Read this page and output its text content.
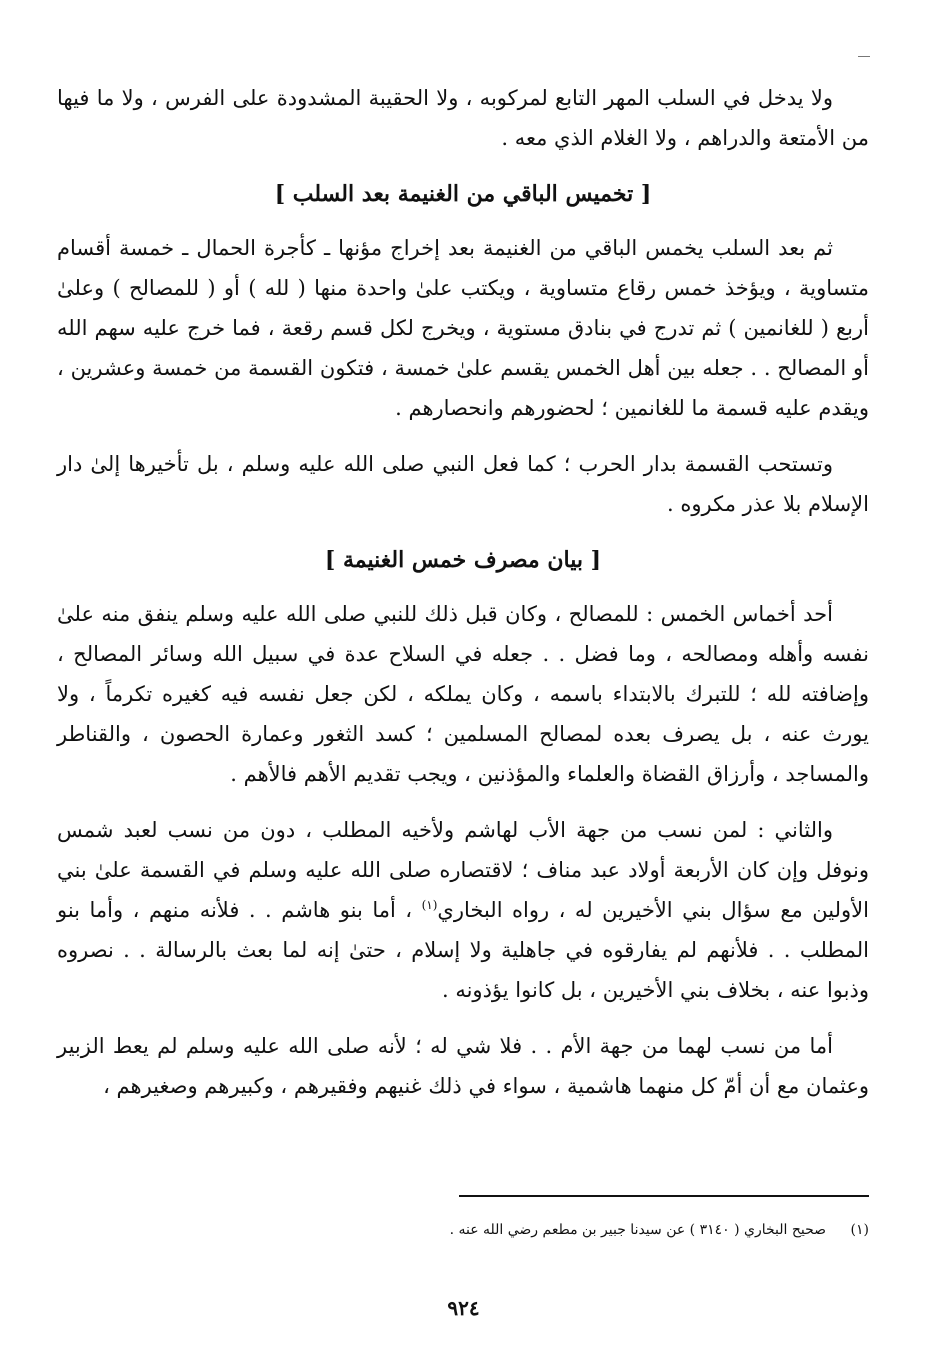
ولا يدخل في السلب المهر التابع لمركوبه ، ولا الحقيبة المشدودة على الفرس ، ولا ما فيها من الأمتعة والدراهم ، ولا الغلام الذي معه .

[ تخميس الباقي من الغنيمة بعد السلب ]

ثم بعد السلب يخمس الباقي من الغنيمة بعد إخراج مؤنها ـ كأجرة الحمال ـ خمسة أقسام متساوية ، ويؤخذ خمس رقاع متساوية ، ويكتب علىٰ واحدة منها ( لله ) أو ( للمصالح ) وعلىٰ أربع ( للغانمين ) ثم تدرج في بنادق مستوية ، ويخرج لكل قسم رقعة ، فما خرج عليه سهم الله أو المصالح . . جعله بين أهل الخمس يقسم علىٰ خمسة ، فتكون القسمة من خمسة وعشرين ، ويقدم عليه قسمة ما للغانمين ؛ لحضورهم وانحصارهم .

وتستحب القسمة بدار الحرب ؛ كما فعل النبي صلى الله عليه وسلم ، بل تأخيرها إلىٰ دار الإسلام بلا عذر مكروه .

[ بيان مصرف خمس الغنيمة ]

أحد أخماس الخمس : للمصالح ، وكان قبل ذلك للنبي صلى الله عليه وسلم ينفق منه علىٰ نفسه وأهله ومصالحه ، وما فضل . . جعله في السلاح عدة في سبيل الله وسائر المصالح ، وإضافته لله ؛ للتبرك بالابتداء باسمه ، وكان يملكه ، لكن جعل نفسه فيه كغيره تكرماً ، ولا يورث عنه ، بل يصرف بعده لمصالح المسلمين ؛ كسد الثغور وعمارة الحصون ، والقناطر والمساجد ، وأرزاق القضاة والعلماء والمؤذنين ، ويجب تقديم الأهم فالأهم .

والثاني : لمن نسب من جهة الأب لهاشم ولأخيه المطلب ، دون من نسب لعبد شمس ونوفل وإن كان الأربعة أولاد عبد مناف ؛ لاقتصاره صلى الله عليه وسلم في القسمة علىٰ بني الأولين مع سؤال بني الأخيرين له ، رواه البخاري$^{(١)}$ ، أما بنو هاشم . . فلأنه منهم ، وأما بنو المطلب . . فلأنهم لم يفارقوه في جاهلية ولا إسلام ، حتىٰ إنه لما بعث بالرسالة . . نصروه وذبوا عنه ، بخلاف بني الأخيرين ، بل كانوا يؤذونه .

أما من نسب لهما من جهة الأم . . فلا شي له ؛ لأنه صلى الله عليه وسلم لم يعط الزبير وعثمان مع أن أمّ كل منهما هاشمية ، سواء في ذلك غنيهم وفقيرهم ، وكبيرهم وصغيرهم ،

(١) صحيح البخاري ( ٣١٤٠ ) عن سيدنا جبير بن مطعم رضي الله عنه .
٩٢٤
